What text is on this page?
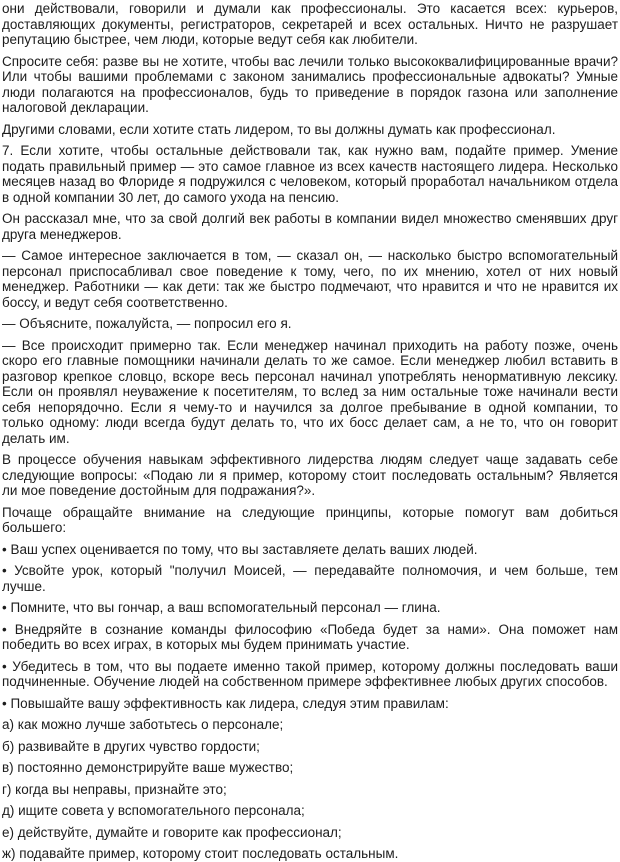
они действовали, говорили и думали как профессионалы. Это касается всех: курьеров, доставляющих документы, регистраторов, секретарей и всех остальных. Ничто не разрушает репутацию быстрее, чем люди, которые ведут себя как любители.

Спросите себя: разве вы не хотите, чтобы вас лечили только высококвалифицированные врачи? Или чтобы вашими проблемами с законом занимались профессиональные адвокаты? Умные люди полагаются на профессионалов, будь то приведение в порядок газона или заполнение налоговой декларации.

Другими словами, если хотите стать лидером, то вы должны думать как профессионал.

7. Если хотите, чтобы остальные действовали так, как нужно вам, подайте пример. Умение подать правильный пример — это самое главное из всех качеств настоящего лидера. Несколько месяцев назад во Флориде я подружился с человеком, который проработал начальником отдела в одной компании 30 лет, до самого ухода на пенсию.

Он рассказал мне, что за свой долгий век работы в компании видел множество сменявших друг друга менеджеров.

— Самое интересное заключается в том, — сказал он, — насколько быстро вспомогательный персонал приспосабливал свое поведение к тому, чего, по их мнению, хотел от них новый менеджер. Работники — как дети: так же быстро подмечают, что нравится и что не нравится их боссу, и ведут себя соответственно.

— Объясните, пожалуйста, — попросил его я.

— Все происходит примерно так. Если менеджер начинал приходить на работу позже, очень скоро его главные помощники начинали делать то же самое. Если менеджер любил вставить в разговор крепкое словцо, вскоре весь персонал начинал употреблять ненормативную лексику. Если он проявлял неуважение к посетителям, то вслед за ним остальные тоже начинали вести себя непорядочно. Если я чему-то и научился за долгое пребывание в одной компании, то только одному: люди всегда будут делать то, что их босс делает сам, а не то, что он говорит делать им.

В процессе обучения навыкам эффективного лидерства людям следует чаще задавать себе следующие вопросы: «Подаю ли я пример, которому стоит последовать остальным? Является ли мое поведение достойным для подражания?».

Почаще обращайте внимание на следующие принципы, которые помогут вам добиться большего:

• Ваш успех оценивается по тому, что вы заставляете делать ваших людей.

• Усвойте урок, который "получил Моисей, — передавайте полномочия, и чем больше, тем лучше.

• Помните, что вы гончар, а ваш вспомогательный персонал — глина.

• Внедряйте в сознание команды философию «Победа будет за нами». Она поможет нам победить во всех играх, в которых мы будем принимать участие.

• Убедитесь в том, что вы подаете именно такой пример, которому должны последовать ваши подчиненные. Обучение людей на собственном примере эффективнее любых других способов.

• Повышайте вашу эффективность как лидера, следуя этим правилам:

а) как можно лучше заботьтесь о персонале;

б) развивайте в других чувство гордости;

в) постоянно демонстрируйте ваше мужество;

г) когда вы неправы, признайте это;

д) ищите совета у вспомогательного персонала;

е) действуйте, думайте и говорите как профессионал;

ж) подавайте пример, которому стоит последовать остальным.
